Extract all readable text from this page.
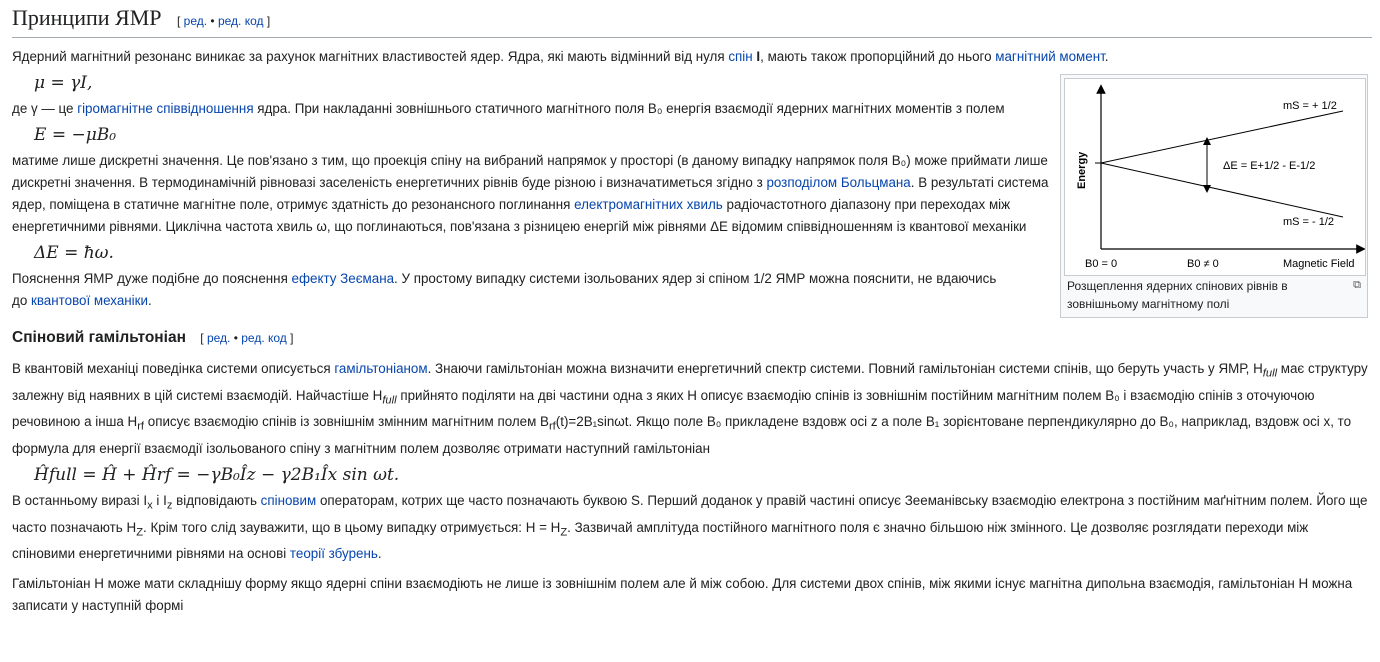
Принципи ЯМР [ ред. • ред. код ]

Ядерний магнітний резонанс виникає за рахунок магнітних властивостей ядер. Ядра, які мають відмінний від нуля спін I, мають також пропорційний до нього магнітний момент.

μ = γI,

де γ — це гіромагнітне співвідношення ядра. При накладанні зовнішнього статичного магнітного поля B₀ енергія взаємодії ядерних магнітних моментів з полем

E = −μB₀

матиме лише дискретні значення. Це пов'язано з тим, що проекція спіну на вибраний напрямок у просторі (в даному випадку напрямок поля B₀) може приймати лише дискретні значення. В термодинамічній рівновазі заселеність енергетичних рівнів буде різною і визначатиметься згідно з розподілом Больцмана. В результаті система ядер, поміщена в статичне магнітне поле, отримує здатність до резонансного поглинання електромагнітних хвиль радіочастотного діапазону при переходах між енергетичними рівнями. Циклічна частота хвиль ω, що поглинаються, пов'язана з різницею енергій між рівнями ΔE відомим співвідношенням із квантової механіки

ΔE = ħω.

Пояснення ЯМР дуже подібне до пояснення ефекту Зеємана. У простому випадку системи ізольованих ядер зі спіном 1/2 ЯМР можна пояснити, не вдаючись до квантової механіки.

Спіновий гамільтоніан [ ред. • ред. код ]

В квантовій механіці поведінка системи описується гамільтоніаном. Знаючи гамільтоніан можна визначити енергетичний спектр системи. Повний гамільтоніан системи спінів, що беруть участь у ЯМР, $H_{full}$ має структуру залежну від наявних в цій системі взаємодій. Найчастіше $H_{full}$ прийнято поділяти на дві частини одна з яких H описує взаємодію спінів із зовнішнім постійним магнітним полем B₀ і взаємодію спінів з оточуючою речовиною а інша $H_{rf}$ описує взаємодію спінів із зовнішнім змінним магнітним полем $B_{rf}(t)=2B_1\sin\omega t$. Якщо поле B₀ прикладене вздовж осі z а поле B₁ зорієнтоване перпендикулярно до B₀, наприклад, вздовж осі x, то формула для енергії взаємодії ізольованого спіну з магнітним полем дозволяє отримати наступний гамільтоніан

Ĥfull = Ĥ + Ĥrf = −γB₀Îz − γ2B₁Îx sin ωt.

В останньому виразі $I_x$ і $I_z$ відповідають спіновим операторам, котрих ще часто позначають буквою S. Перший доданок у правій частині описує Зееманівську взаємодію електрона з постійним маґнітним полем. Його ще часто позначають $H_Z$. Крім того слід зауважити, що в цьому випадку отримується: $H = H_Z$. Зазвичай амплітуда постійного магнітного поля є значно більшою ніж змінного. Це дозволяє розглядати переходи між спіновими енергетичними рівнями на основі теорії збурень.

Гамільтоніан H може мати складнішу форму якщо ядерні спіни взаємодіють не лише із зовнішнім полем але й між собою. Для системи двох спінів, між якими існує магнітна дипольна взаємодія, гамільтоніан H можна записати у наступній формі

Energy
mS = + 1/2
mS = - 1/2
ΔE = E+1/2 - E-1/2
B0 = 0	B0 ≠ 0	Magnetic Field
Розщеплення ядерних спінових рівнів в зовнішньому магнітному полі
⧉
